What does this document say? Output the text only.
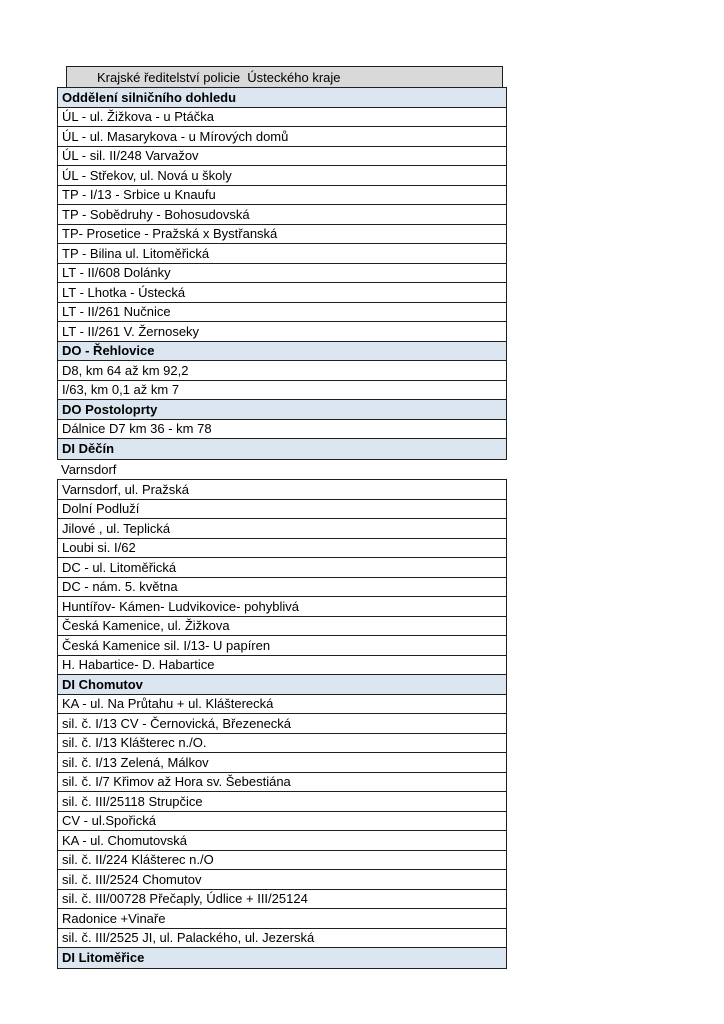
Krajské ředitelství policie  Ústeckého kraje
Oddělení silničního dohledu
ÚL - ul. Žižkova - u Ptáčka
ÚL - ul. Masarykova - u Mírových domů
ÚL - sil. II/248 Varvažov
ÚL - Střekov, ul. Nová u školy
TP - I/13 - Srbice u Knaufu
TP - Sobědruhy - Bohosudovská
TP- Prosetice - Pražská x Bystřanská
TP - Bilina ul. Litoměřická
LT - II/608 Dolánky
LT - Lhotka - Ústecká
LT - II/261 Nučnice
LT - II/261 V. Žernoseky
DO - Řehlovice
D8, km 64 až km 92,2
I/63, km 0,1 až km 7
DO Postoloprty
Dálnice D7 km 36 - km 78
DI Děčín
Varnsdorf
Varnsdorf, ul. Pražská
Dolní Podluží
Jilové , ul. Teplická
Loubi si. I/62
DC - ul. Litoměřická
DC - nám. 5. května
Huntířov- Kámen- Ludvikovice- pohyblivá
Česká Kamenice, ul. Žižkova
Česká Kamenice sil. I/13- U papíren
H. Habartice- D. Habartice
DI Chomutov
KA - ul. Na Průtahu + ul. Klášterecká
sil. č. I/13 CV - Černovická, Březenecká
sil. č. I/13 Klášterec n./O.
sil. č. I/13 Zelená, Málkov
sil. č. I/7 Křimov až Hora sv. Šebestiána
sil. č. III/25118 Strupčice
CV - ul.Spořická
KA - ul. Chomutovská
sil. č. II/224 Klášterec n./O
sil. č. III/2524 Chomutov
sil. č. III/00728 Přečaply, Údlice + III/25124
Radonice +Vinaře
sil. č. III/2525 JI, ul. Palackého, ul. Jezerská
DI Litoměřice
